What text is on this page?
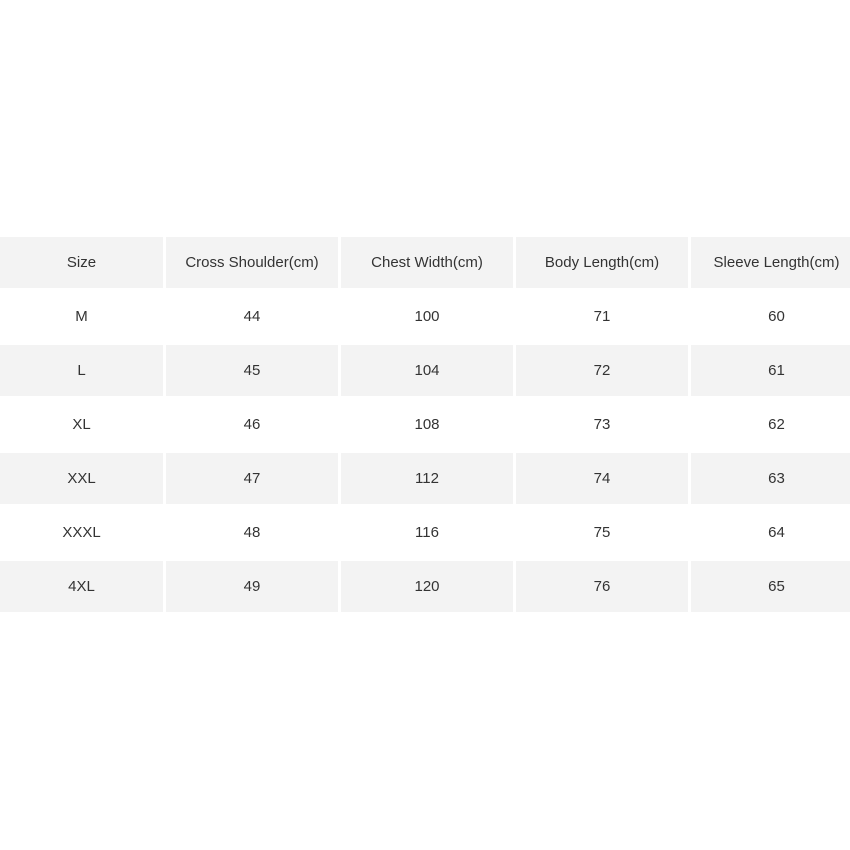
Size	Cross Shoulder(cm)	Chest Width(cm)	Body Length(cm)	Sleeve Length(cm)
M	44	100	71	60
L	45	104	72	61
XL	46	108	73	62
XXL	47	112	74	63
XXXL	48	116	75	64
4XL	49	120	76	65
